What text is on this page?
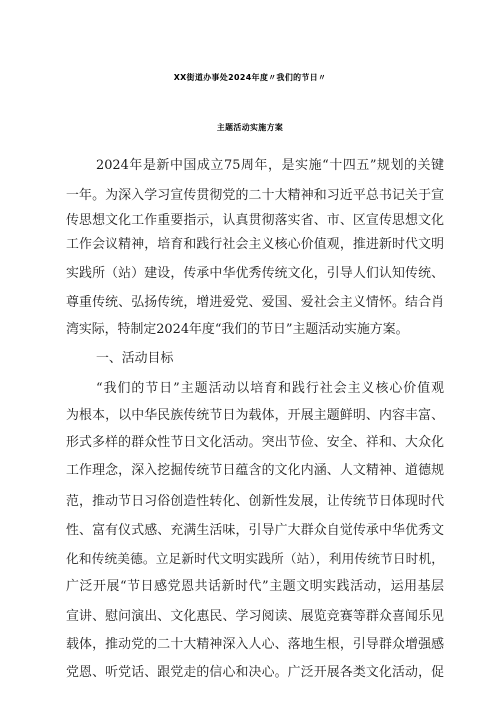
XX街道办事处2024年度〃我们的节日〃
主题活动实施方案
2024年是新中国成立75周年，是实施“十四五”规划的关键
一年。为深入学习宣传贯彻党的二十大精神和习近平总书记关于宣
传思想文化工作重要指示，认真贯彻落实省、市、区宣传思想文化
工作会议精神，培育和践行社会主义核心价值观，推进新时代文明
实践所（站）建设，传承中华优秀传统文化，引导人们认知传统、
尊重传统、弘扬传统，增进爱党、爱国、爱社会主义情怀。结合肖
湾实际，特制定2024年度“我们的节日”主题活动实施方案。
一、活动目标
“我们的节日”主题活动以培育和践行社会主义核心价值观
为根本，以中华民族传统节日为载体，开展主题鲜明、内容丰富、
形式多样的群众性节日文化活动。突出节俭、安全、祥和、大众化
工作理念，深入挖掘传统节日蕴含的文化内涵、人文精神、道德规
范，推动节日习俗创造性转化、创新性发展，让传统节日体现时代
性、富有仪式感、充满生活味，引导广大群众自觉传承中华优秀文
化和传统美德。立足新时代文明实践所（站），利用传统节日时机，
广泛开展“节日感党恩共话新时代”主题文明实践活动，运用基层
宣讲、慰问演出、文化惠民、学习阅读、展览竞赛等群众喜闻乐见
载体，推动党的二十大精神深入人心、落地生根，引导群众增强感
党恩、听党话、跟党走的信心和决心。广泛开展各类文化活动，促
